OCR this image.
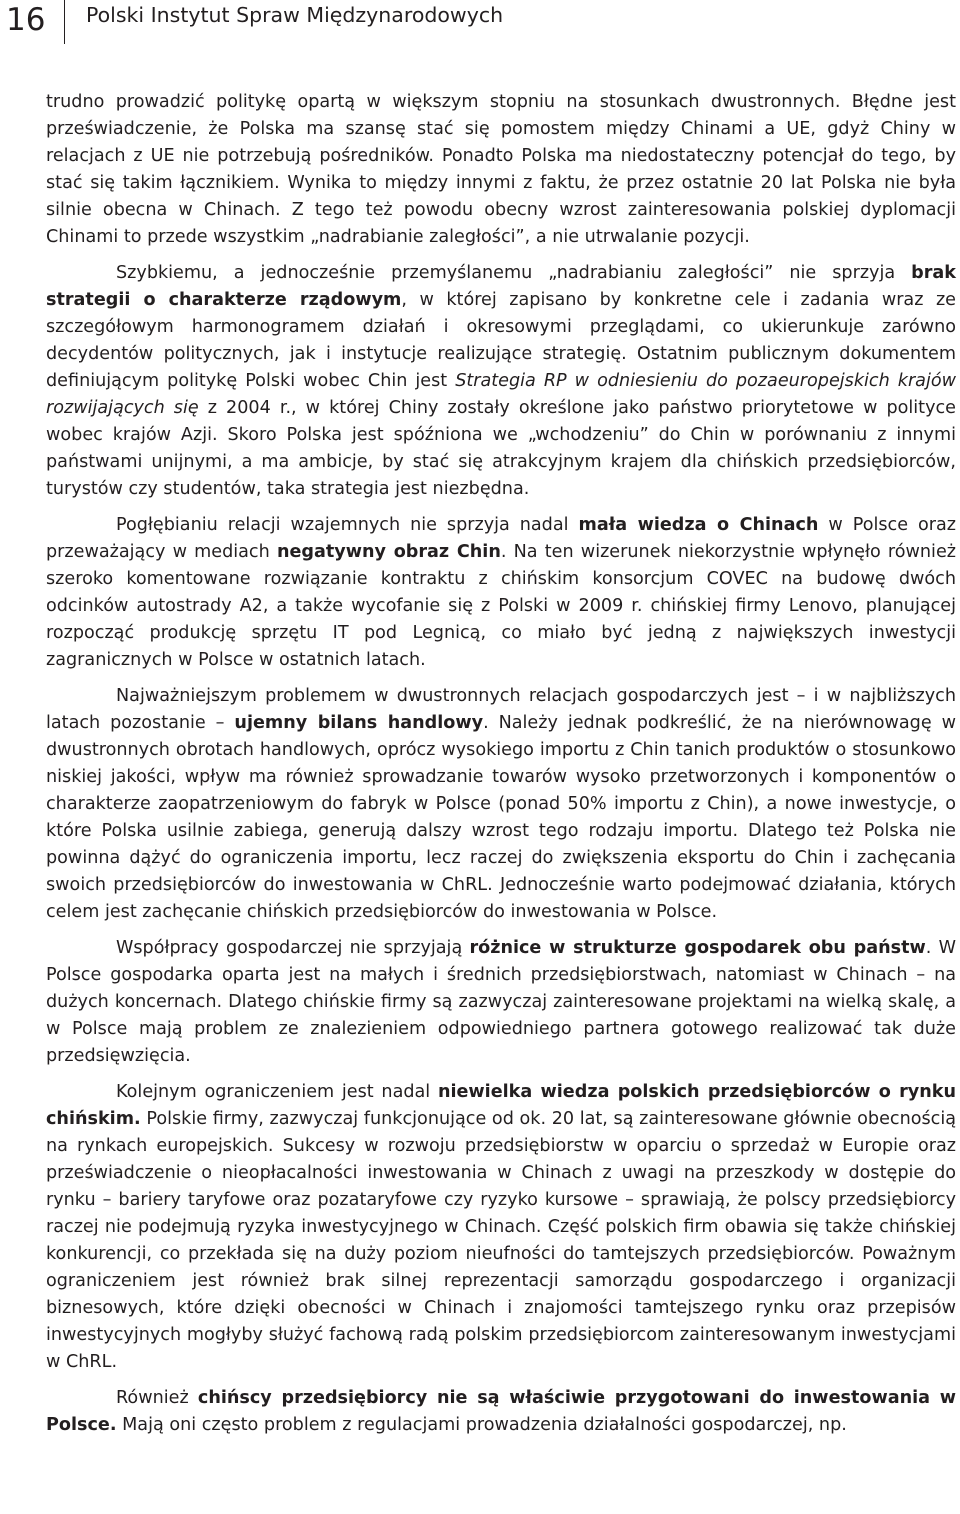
16 Polski Instytut Spraw Międzynarodowych

trudno prowadzić politykę opartą w większym stopniu na stosunkach dwustronnych. Błędne jest przeświadczenie, że Polska ma szansę stać się pomostem między Chinami a UE, gdyż Chiny w relacjach z UE nie potrzebują pośredników. Ponadto Polska ma niedostateczny potencjał do tego, by stać się takim łącznikiem. Wynika to między innymi z faktu, że przez ostatnie 20 lat Polska nie była silnie obecna w Chinach. Z tego też powodu obecny wzrost zainteresowania polskiej dyplomacji Chinami to przede wszystkim „nadrabianie zaległości”, a nie utrwalanie pozycji.

Szybkiemu, a jednocześnie przemyślanemu „nadrabianiu zaległości” nie sprzyja brak strategii o charakterze rządowym, w której zapisano by konkretne cele i zadania wraz ze szczegółowym harmonogramem działań i okresowymi przeglądami, co ukierunkuje zarówno decydentów politycznych, jak i instytucje realizujące strategię. Ostatnim publicznym dokumentem definiującym politykę Polski wobec Chin jest Strategia RP w odniesieniu do pozaeuropejskich krajów rozwijających się z 2004 r., w której Chiny zostały określone jako państwo priorytetowe w polityce wobec krajów Azji. Skoro Polska jest spóźniona we „wchodzeniu” do Chin w porównaniu z innymi państwami unijnymi, a ma ambicje, by stać się atrakcyjnym krajem dla chińskich przedsiębiorców, turystów czy studentów, taka strategia jest niezbędna.

Pogłębianiu relacji wzajemnych nie sprzyja nadal mała wiedza o Chinach w Polsce oraz przeważający w mediach negatywny obraz Chin. Na ten wizerunek niekorzystnie wpłynęło również szeroko komentowane rozwiązanie kontraktu z chińskim konsorcjum COVEC na budowę dwóch odcinków autostrady A2, a także wycofanie się z Polski w 2009 r. chińskiej firmy Lenovo, planującej rozpocząć produkcję sprzętu IT pod Legnicą, co miało być jedną z największych inwestycji zagranicznych w Polsce w ostatnich latach.

Najważniejszym problemem w dwustronnych relacjach gospodarczych jest – i w najbliższych latach pozostanie – ujemny bilans handlowy. Należy jednak podkreślić, że na nierównowagę w dwustronnych obrotach handlowych, oprócz wysokiego importu z Chin tanich produktów o stosunkowo niskiej jakości, wpływ ma również sprowadzanie towarów wysoko przetworzonych i komponentów o charakterze zaopatrzeniowym do fabryk w Polsce (ponad 50% importu z Chin), a nowe inwestycje, o które Polska usilnie zabiega, generują dalszy wzrost tego rodzaju importu. Dlatego też Polska nie powinna dążyć do ograniczenia importu, lecz raczej do zwiększenia eksportu do Chin i zachęcania swoich przedsiębiorców do inwestowania w ChRL. Jednocześnie warto podejmować działania, których celem jest zachęcanie chińskich przedsiębiorców do inwestowania w Polsce.

Współpracy gospodarczej nie sprzyjają różnice w strukturze gospodarek obu państw. W Polsce gospodarka oparta jest na małych i średnich przedsiębiorstwach, natomiast w Chinach – na dużych koncernach. Dlatego chińskie firmy są zazwyczaj zainteresowane projektami na wielką skalę, a w Polsce mają problem ze znalezieniem odpowiedniego partnera gotowego realizować tak duże przedsięwzięcia.

Kolejnym ograniczeniem jest nadal niewielka wiedza polskich przedsiębiorców o rynku chińskim. Polskie firmy, zazwyczaj funkcjonujące od ok. 20 lat, są zainteresowane głównie obecnością na rynkach europejskich. Sukcesy w rozwoju przedsiębiorstw w oparciu o sprzedaż w Europie oraz przeświadczenie o nieopłacalności inwestowania w Chinach z uwagi na przeszkody w dostępie do rynku – bariery taryfowe oraz pozataryfowe czy ryzyko kursowe – sprawiają, że polscy przedsiębiorcy raczej nie podejmują ryzyka inwestycyjnego w Chinach. Część polskich firm obawia się także chińskiej konkurencji, co przekłada się na duży poziom nieufności do tamtejszych przedsiębiorców. Poważnym ograniczeniem jest również brak silnej reprezentacji samorządu gospodarczego i organizacji biznesowych, które dzięki obecności w Chinach i znajomości tamtejszego rynku oraz przepisów inwestycyjnych mogłyby służyć fachową radą polskim przedsiębiorcom zainteresowanym inwestycjami w ChRL.

Również chińscy przedsiębiorcy nie są właściwie przygotowani do inwestowania w Polsce. Mają oni często problem z regulacjami prowadzenia działalności gospodarczej, np.
